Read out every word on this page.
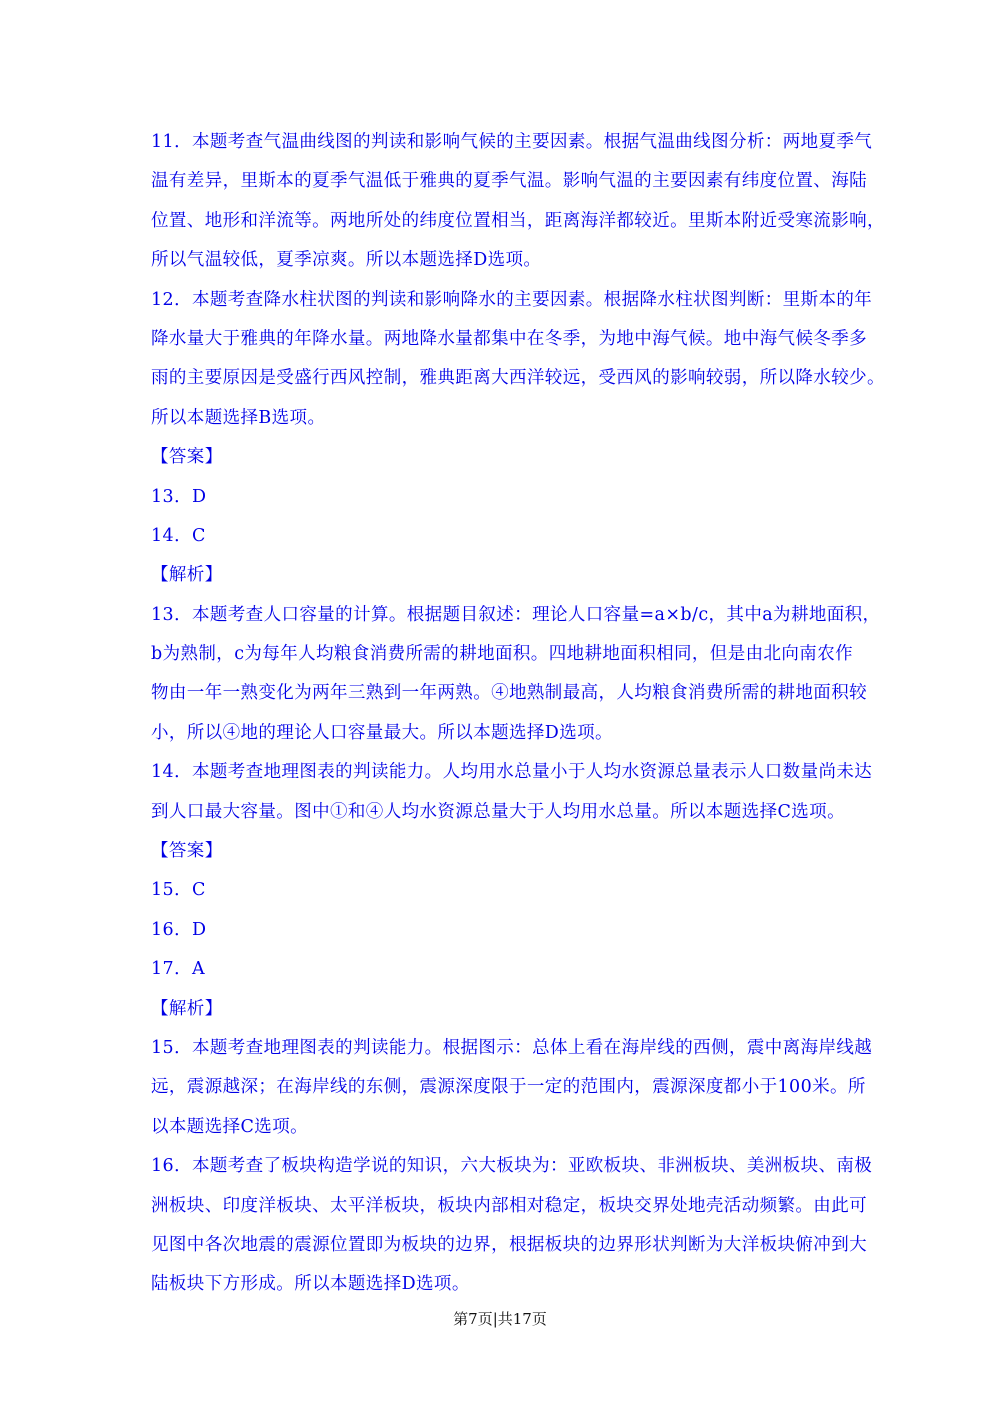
11．本题考查气温曲线图的判读和影响气候的主要因素。根据气温曲线图分析：两地夏季气
温有差异，里斯本的夏季气温低于雅典的夏季气温。影响气温的主要因素有纬度位置、海陆
位置、地形和洋流等。两地所处的纬度位置相当，距离海洋都较近。里斯本附近受寒流影响，
所以气温较低，夏季凉爽。所以本题选择D选项。
12．本题考查降水柱状图的判读和影响降水的主要因素。根据降水柱状图判断：里斯本的年
降水量大于雅典的年降水量。两地降水量都集中在冬季，为地中海气候。地中海气候冬季多
雨的主要原因是受盛行西风控制，雅典距离大西洋较远，受西风的影响较弱，所以降水较少。
所以本题选择B选项。
【答案】
13．D
14．C
【解析】
13．本题考查人口容量的计算。根据题目叙述：理论人口容量=a×b/c，其中a为耕地面积，
b为熟制，c为每年人均粮食消费所需的耕地面积。四地耕地面积相同，但是由北向南农作
物由一年一熟变化为两年三熟到一年两熟。④地熟制最高，人均粮食消费所需的耕地面积较
小，所以④地的理论人口容量最大。所以本题选择D选项。
14．本题考查地理图表的判读能力。人均用水总量小于人均水资源总量表示人口数量尚未达
到人口最大容量。图中①和④人均水资源总量大于人均用水总量。所以本题选择C选项。
【答案】
15．C
16．D
17．A
【解析】
15．本题考查地理图表的判读能力。根据图示：总体上看在海岸线的西侧，震中离海岸线越
远，震源越深；在海岸线的东侧，震源深度限于一定的范围内，震源深度都小于100米。所
以本题选择C选项。
16．本题考查了板块构造学说的知识，六大板块为：亚欧板块、非洲板块、美洲板块、南极
洲板块、印度洋板块、太平洋板块，板块内部相对稳定，板块交界处地壳活动频繁。由此可
见图中各次地震的震源位置即为板块的边界，根据板块的边界形状判断为大洋板块俯冲到大
陆板块下方形成。所以本题选择D选项。
第7页|共17页
